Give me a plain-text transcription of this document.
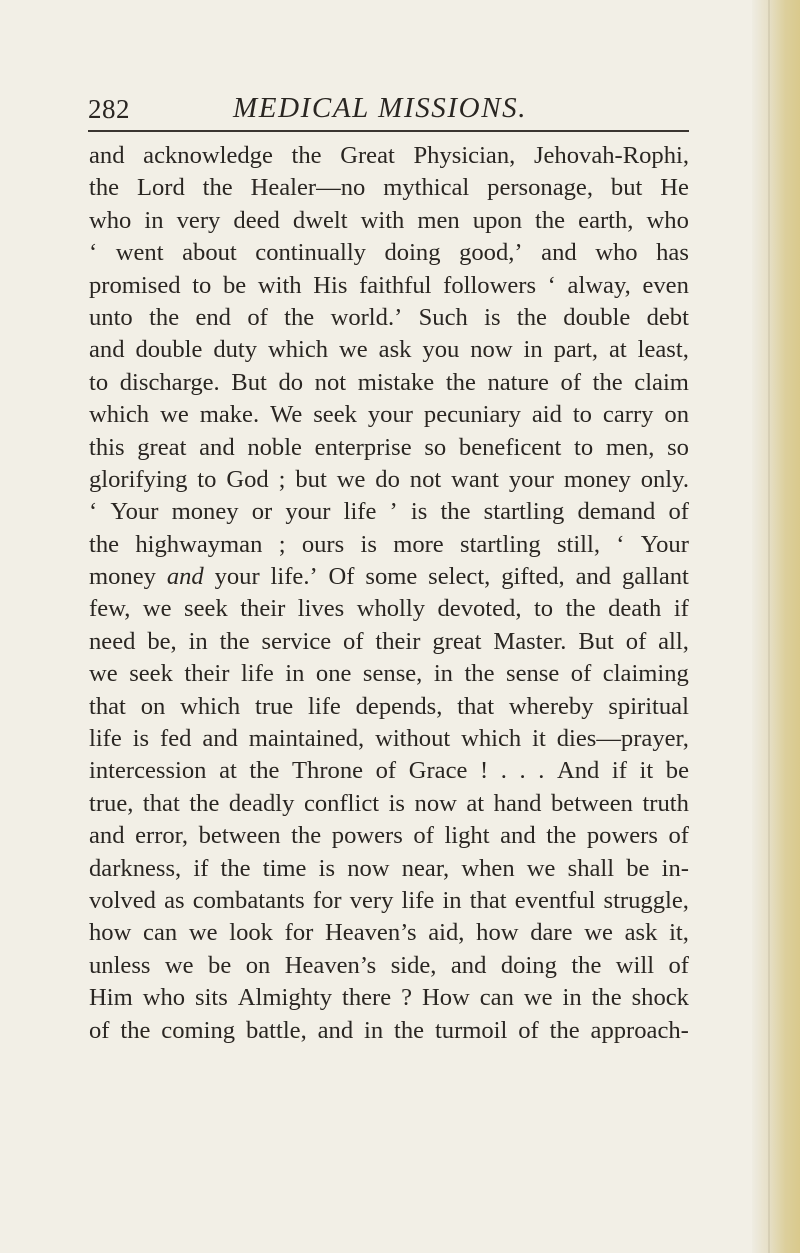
282	MEDICAL MISSIONS.
and acknowledge the Great Physician, Jehovah-Rophi,
the Lord the Healer—no mythical personage, but He
who in very deed dwelt with men upon the earth, who
‘ went about continually doing good,’ and who has
promised to be with His faithful followers ‘ alway, even
unto the end of the world.’ Such is the double debt
and double duty which we ask you now in part, at least,
to discharge. But do not mistake the nature of the claim
which we make. We seek your pecuniary aid to carry on
this great and noble enterprise so beneficent to men, so
glorifying to God ; but we do not want your money only.
‘ Your money or your life ’ is the startling demand of
the highwayman ; ours is more startling still, ‘ Your
money and your life.’ Of some select, gifted, and gallant
few, we seek their lives wholly devoted, to the death if
need be, in the service of their great Master. But of all,
we seek their life in one sense, in the sense of claiming
that on which true life depends, that whereby spiritual
life is fed and maintained, without which it dies—prayer,
intercession at the Throne of Grace ! . . . And if it be
true, that the deadly conflict is now at hand between truth
and error, between the powers of light and the powers of
darkness, if the time is now near, when we shall be in-
volved as combatants for very life in that eventful struggle,
how can we look for Heaven’s aid, how dare we ask it,
unless we be on Heaven’s side, and doing the will of
Him who sits Almighty there ? How can we in the shock
of the coming battle, and in the turmoil of the approach-
